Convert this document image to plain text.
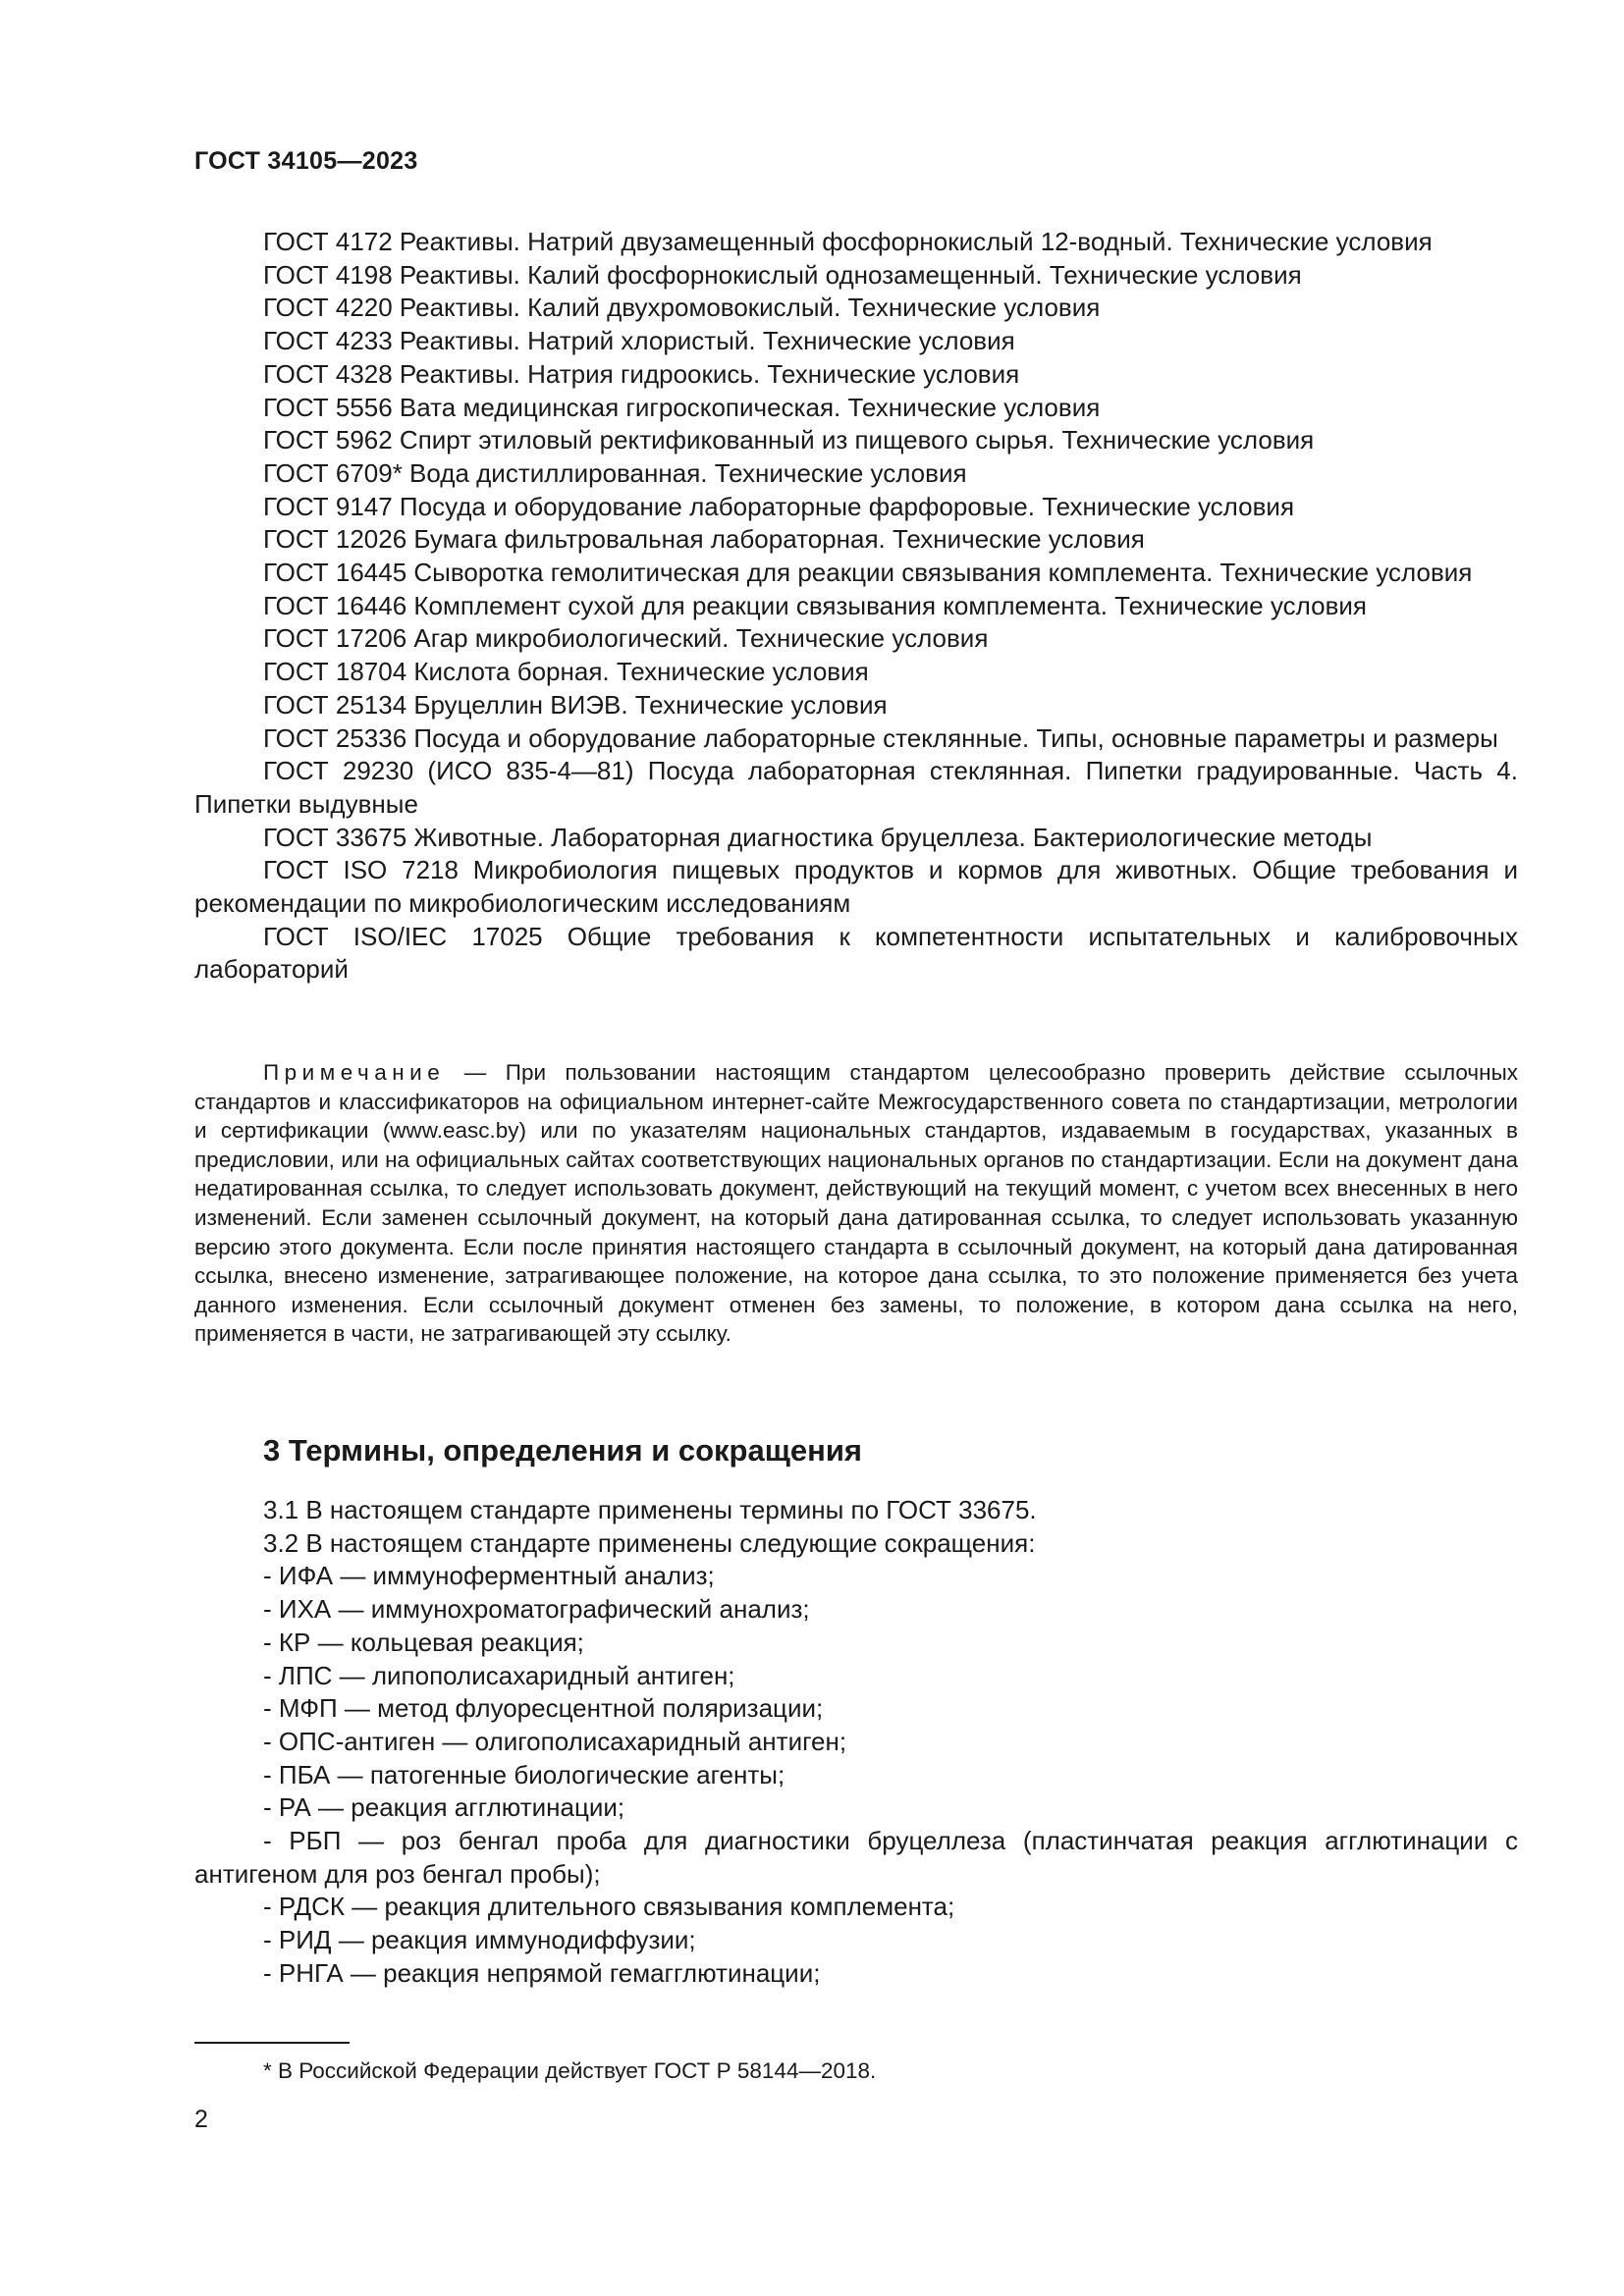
ГОСТ 34105—2023

ГОСТ 4172 Реактивы. Натрий двузамещенный фосфорнокислый 12-водный. Технические условия

ГОСТ 4198 Реактивы. Калий фосфорнокислый однозамещенный. Технические условия

ГОСТ 4220 Реактивы. Калий двухромовокислый. Технические условия

ГОСТ 4233 Реактивы. Натрий хлористый. Технические условия

ГОСТ 4328 Реактивы. Натрия гидроокись. Технические условия

ГОСТ 5556 Вата медицинская гигроскопическая. Технические условия

ГОСТ 5962 Спирт этиловый ректификованный из пищевого сырья. Технические условия

ГОСТ 6709* Вода дистиллированная. Технические условия

ГОСТ 9147 Посуда и оборудование лабораторные фарфоровые. Технические условия

ГОСТ 12026 Бумага фильтровальная лабораторная. Технические условия

ГОСТ 16445 Сыворотка гемолитическая для реакции связывания комплемента. Технические условия

ГОСТ 16446 Комплемент сухой для реакции связывания комплемента. Технические условия

ГОСТ 17206 Агар микробиологический. Технические условия

ГОСТ 18704 Кислота борная. Технические условия

ГОСТ 25134 Бруцеллин ВИЭВ. Технические условия

ГОСТ 25336 Посуда и оборудование лабораторные стеклянные. Типы, основные параметры и размеры

ГОСТ 29230 (ИСО 835-4—81) Посуда лабораторная стеклянная. Пипетки градуированные. Часть 4. Пипетки выдувные

ГОСТ 33675 Животные. Лабораторная диагностика бруцеллеза. Бактериологические методы

ГОСТ ISO 7218 Микробиология пищевых продуктов и кормов для животных. Общие требования и рекомендации по микробиологическим исследованиям

ГОСТ ISO/IEC 17025 Общие требования к компетентности испытательных и калибровочных лабораторий

Примечание — При пользовании настоящим стандартом целесообразно проверить действие ссылочных стандартов и классификаторов на официальном интернет-сайте Межгосударственного совета по стандартизации, метрологии и сертификации (www.easc.by) или по указателям национальных стандартов, издаваемым в государствах, указанных в предисловии, или на официальных сайтах соответствующих национальных органов по стандартизации. Если на документ дана недатированная ссылка, то следует использовать документ, действующий на текущий момент, с учетом всех внесенных в него изменений. Если заменен ссылочный документ, на который дана датированная ссылка, то следует использовать указанную версию этого документа. Если после принятия настоящего стандарта в ссылочный документ, на который дана датированная ссылка, внесено изменение, затрагивающее положение, на которое дана ссылка, то это положение применяется без учета данного изменения. Если ссылочный документ отменен без замены, то положение, в котором дана ссылка на него, применяется в части, не затрагивающей эту ссылку.

3 Термины, определения и сокращения

3.1 В настоящем стандарте применены термины по ГОСТ 33675.

3.2 В настоящем стандарте применены следующие сокращения:

- ИФА — иммуноферментный анализ;

- ИХА — иммунохроматографический анализ;

- КР — кольцевая реакция;

- ЛПС — липополисахаридный антиген;

- МФП — метод флуоресцентной поляризации;

- ОПС-антиген — олигополисахаридный антиген;

- ПБА — патогенные биологические агенты;

- РА — реакция агглютинации;

- РБП — роз бенгал проба для диагностики бруцеллеза (пластинчатая реакция агглютинации с антигеном для роз бенгал пробы);

- РДСК — реакция длительного связывания комплемента;

- РИД — реакция иммунодиффузии;

- РНГА — реакция непрямой гемагглютинации;

* В Российской Федерации действует ГОСТ Р 58144—2018.

2
